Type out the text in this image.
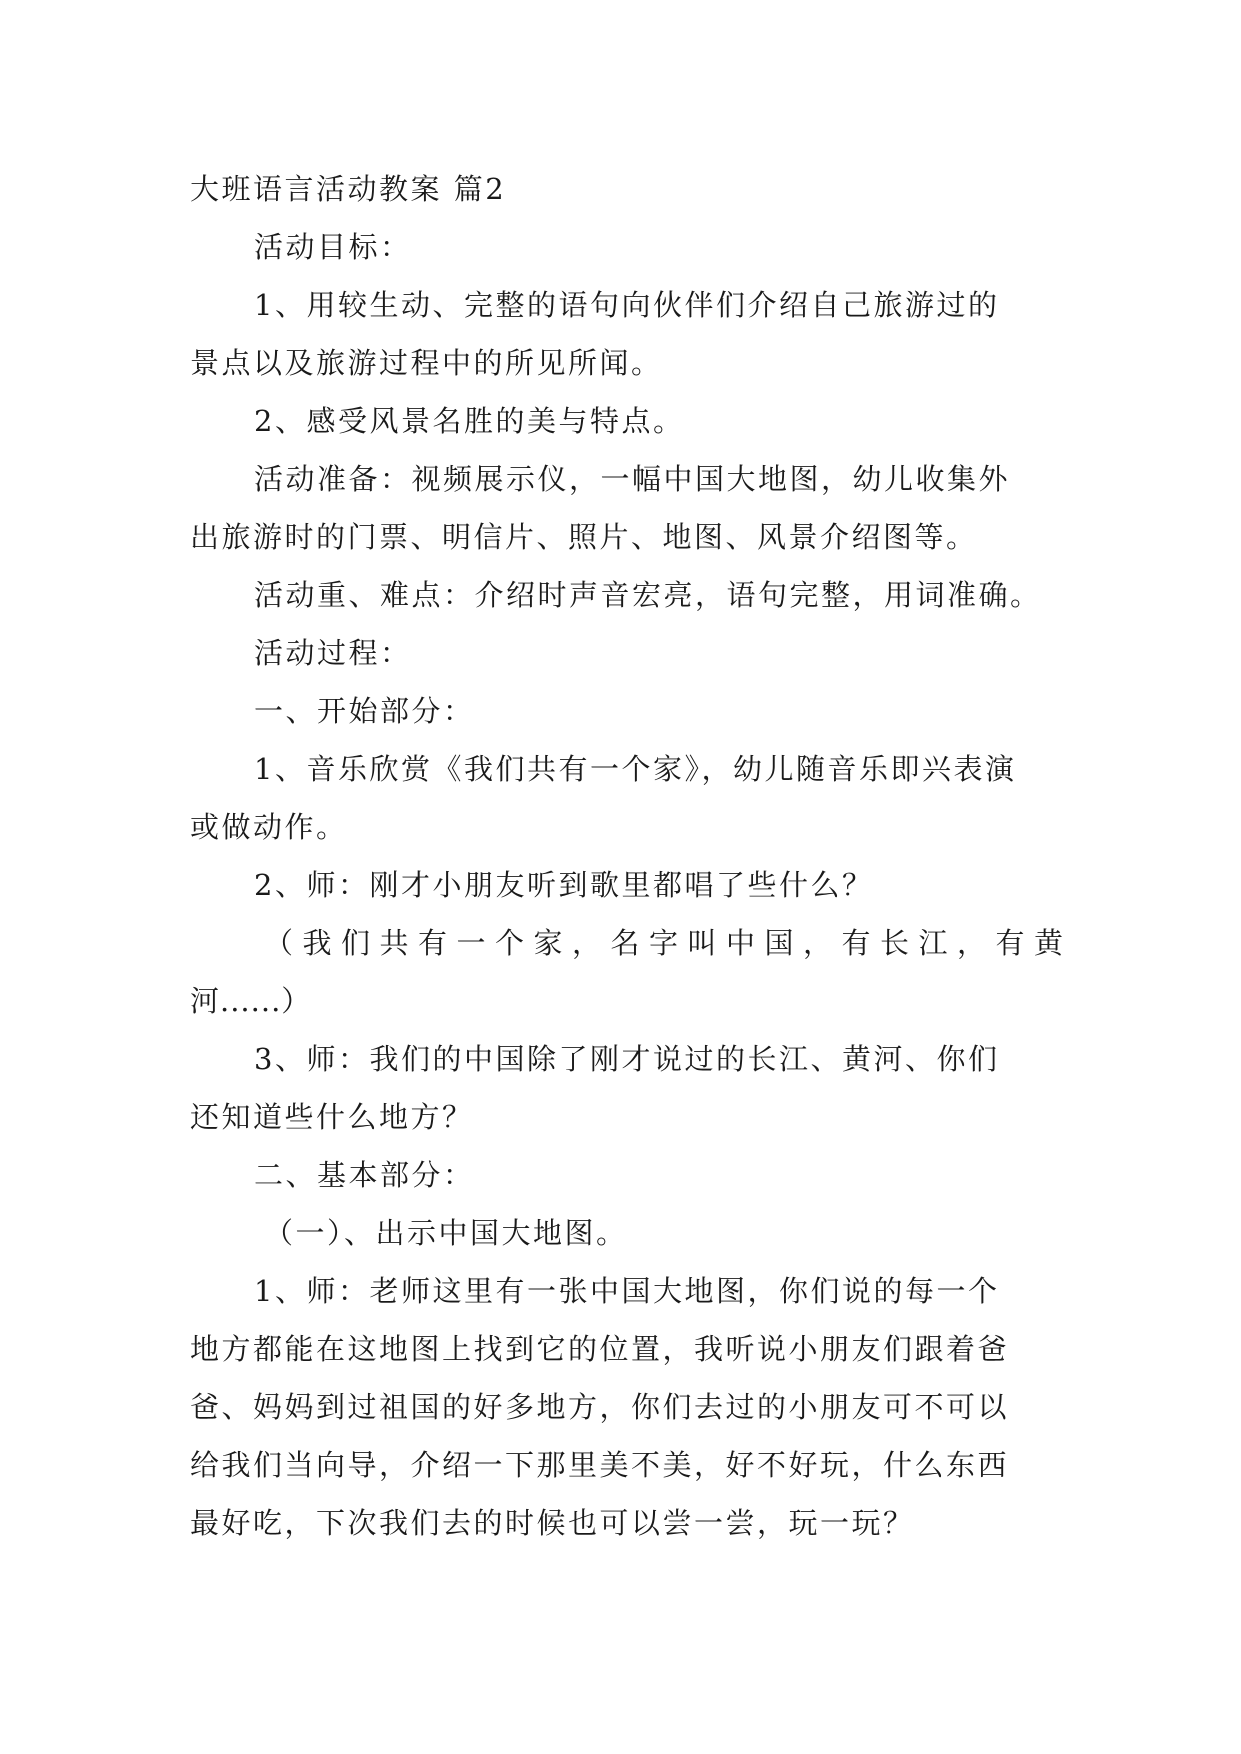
大班语言活动教案 篇2
活动目标：
1、用较生动、完整的语句向伙伴们介绍自己旅游过的
景点以及旅游过程中的所见所闻。
2、感受风景名胜的美与特点。
活动准备：视频展示仪，一幅中国大地图，幼儿收集外
出旅游时的门票、明信片、照片、地图、风景介绍图等。
活动重、难点：介绍时声音宏亮，语句完整，用词准确。
活动过程：
一、开始部分：
1、音乐欣赏《我们共有一个家》，幼儿随音乐即兴表演
或做动作。
2、师：刚才小朋友听到歌里都唱了些什么？
（我们共有一个家，名字叫中国，有长江，有黄
河......）
3、师：我们的中国除了刚才说过的长江、黄河、你们
还知道些什么地方？
二、基本部分：
（一）、出示中国大地图。
1、师：老师这里有一张中国大地图，你们说的每一个
地方都能在这地图上找到它的位置，我听说小朋友们跟着爸
爸、妈妈到过祖国的好多地方，你们去过的小朋友可不可以
给我们当向导，介绍一下那里美不美，好不好玩，什么东西
最好吃，下次我们去的时候也可以尝一尝，玩一玩？
